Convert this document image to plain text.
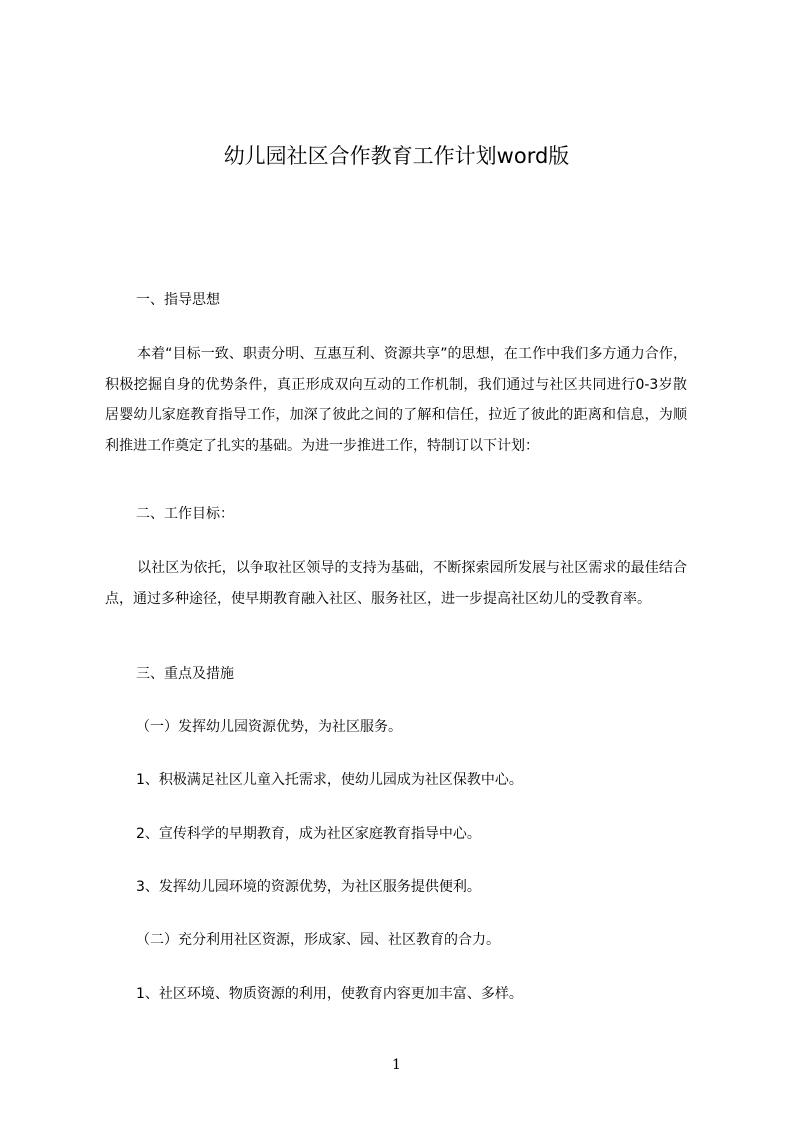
幼儿园社区合作教育工作计划word版
一、指导思想
本着“目标一致、职责分明、互惠互利、资源共享”的思想，在工作中我们多方通力合作，积极挖掘自身的优势条件，真正形成双向互动的工作机制，我们通过与社区共同进行0-3岁散居婴幼儿家庭教育指导工作，加深了彼此之间的了解和信任，拉近了彼此的距离和信息，为顺利推进工作奠定了扎实的基础。为进一步推进工作，特制订以下计划：
二、工作目标：
以社区为依托，以争取社区领导的支持为基础，不断探索园所发展与社区需求的最佳结合点，通过多种途径，使早期教育融入社区、服务社区，进一步提高社区幼儿的受教育率。
三、重点及措施
（一）发挥幼儿园资源优势，为社区服务。
1、积极满足社区儿童入托需求，使幼儿园成为社区保教中心。
2、宣传科学的早期教育，成为社区家庭教育指导中心。
3、发挥幼儿园环境的资源优势，为社区服务提供便利。
（二）充分利用社区资源，形成家、园、社区教育的合力。
1、社区环境、物质资源的利用，使教育内容更加丰富、多样。
1
